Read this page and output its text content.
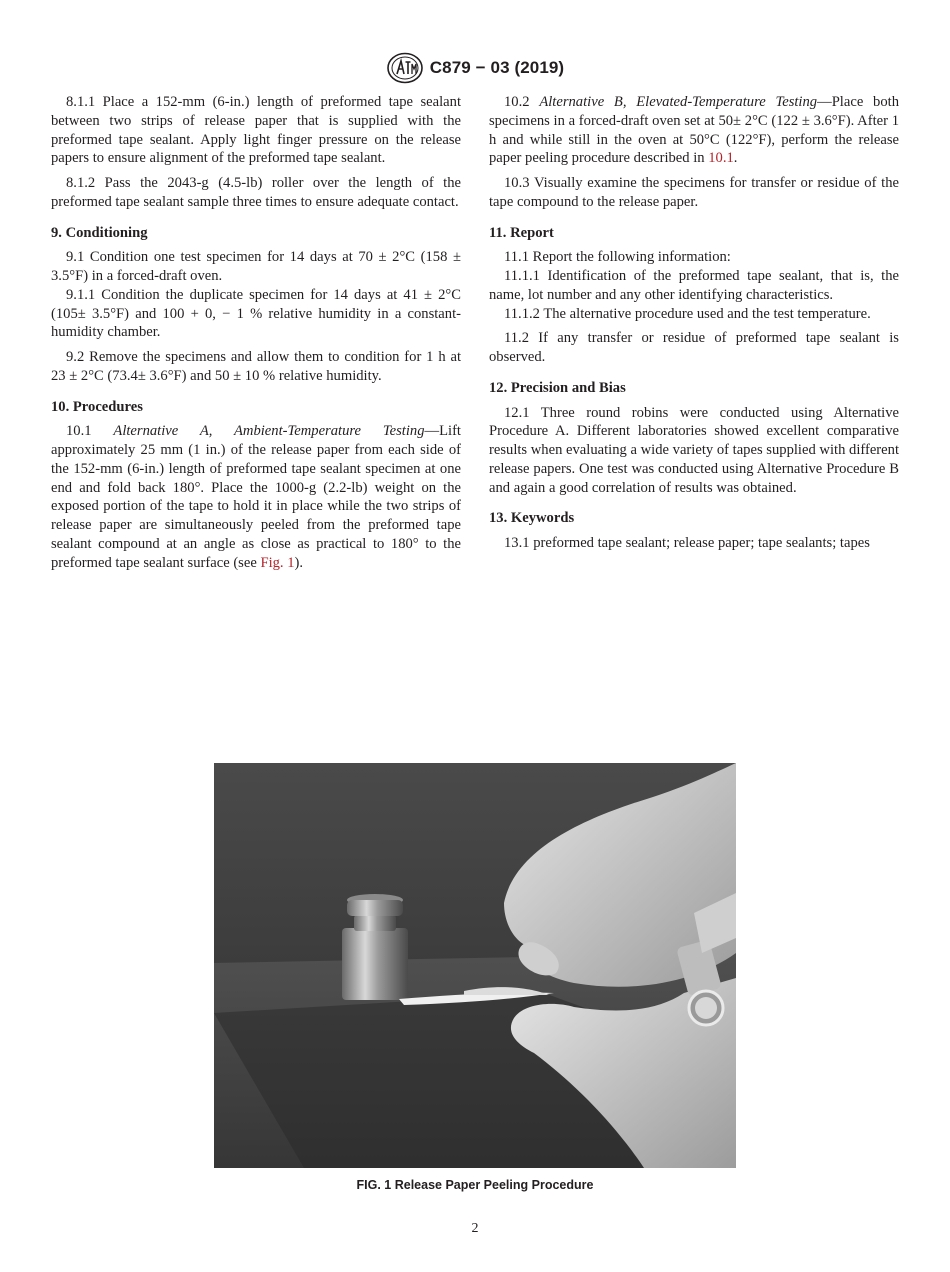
C879 − 03 (2019)

8.1.1 Place a 152-mm (6-in.) length of preformed tape sealant between two strips of release paper that is supplied with the preformed tape sealant. Apply light finger pressure on the release papers to ensure alignment of the preformed tape sealant.

8.1.2 Pass the 2043-g (4.5-lb) roller over the length of the preformed tape sealant sample three times to ensure adequate contact.

9. Conditioning

9.1 Condition one test specimen for 14 days at 70 ± 2°C (158 ± 3.5°F) in a forced-draft oven.

9.1.1 Condition the duplicate specimen for 14 days at 41 ± 2°C (105± 3.5°F) and 100 + 0, − 1 % relative humidity in a constant-humidity chamber.

9.2 Remove the specimens and allow them to condition for 1 h at 23 ± 2°C (73.4± 3.6°F) and 50 ± 10 % relative humidity.

10. Procedures

10.1 Alternative A, Ambient-Temperature Testing—Lift approximately 25 mm (1 in.) of the release paper from each side of the 152-mm (6-in.) length of preformed tape sealant specimen at one end and fold back 180°. Place the 1000-g (2.2-lb) weight on the exposed portion of the tape to hold it in place while the two strips of release paper are simultaneously peeled from the preformed tape sealant compound at an angle as close as practical to 180° to the preformed tape sealant surface (see Fig. 1).

10.2 Alternative B, Elevated-Temperature Testing—Place both specimens in a forced-draft oven set at 50± 2°C (122 ± 3.6°F). After 1 h and while still in the oven at 50°C (122°F), perform the release paper peeling procedure described in 10.1.

10.3 Visually examine the specimens for transfer or residue of the tape compound to the release paper.

11. Report

11.1 Report the following information:

11.1.1 Identification of the preformed tape sealant, that is, the name, lot number and any other identifying characteristics.

11.1.2 The alternative procedure used and the test temperature.

11.2 If any transfer or residue of preformed tape sealant is observed.

12. Precision and Bias

12.1 Three round robins were conducted using Alternative Procedure A. Different laboratories showed excellent comparative results when evaluating a wide variety of tapes supplied with different release papers. One test was conducted using Alternative Procedure B and again a good correlation of results was obtained.

13. Keywords

13.1 preformed tape sealant; release paper; tape sealants; tapes

FIG. 1 Release Paper Peeling Procedure
2
